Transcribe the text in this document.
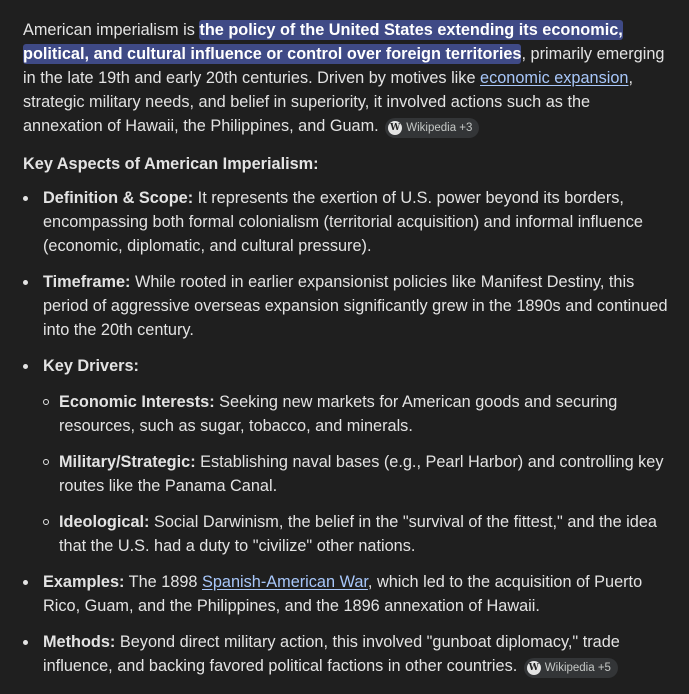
American imperialism is the policy of the United States extending its economic, political, and cultural influence or control over foreign territories, primarily emerging in the late 19th and early 20th centuries. Driven by motives like economic expansion, strategic military needs, and belief in superiority, it involved actions such as the annexation of Hawaii, the Philippines, and Guam. W Wikipedia +3

Key Aspects of American Imperialism:
Definition & Scope: It represents the exertion of U.S. power beyond its borders, encompassing both formal colonialism (territorial acquisition) and informal influence (economic, diplomatic, and cultural pressure).
Timeframe: While rooted in earlier expansionist policies like Manifest Destiny, this period of aggressive overseas expansion significantly grew in the 1890s and continued into the 20th century.
Key Drivers:
Economic Interests: Seeking new markets for American goods and securing resources, such as sugar, tobacco, and minerals.
Military/Strategic: Establishing naval bases (e.g., Pearl Harbor) and controlling key routes like the Panama Canal.
Ideological: Social Darwinism, the belief in the "survival of the fittest," and the idea that the U.S. had a duty to "civilize" other nations.
Examples: The 1898 Spanish-American War, which led to the acquisition of Puerto Rico, Guam, and the Philippines, and the 1896 annexation of Hawaii.
Methods: Beyond direct military action, this involved "gunboat diplomacy," trade influence, and backing favored political factions in other countries. W Wikipedia +5
